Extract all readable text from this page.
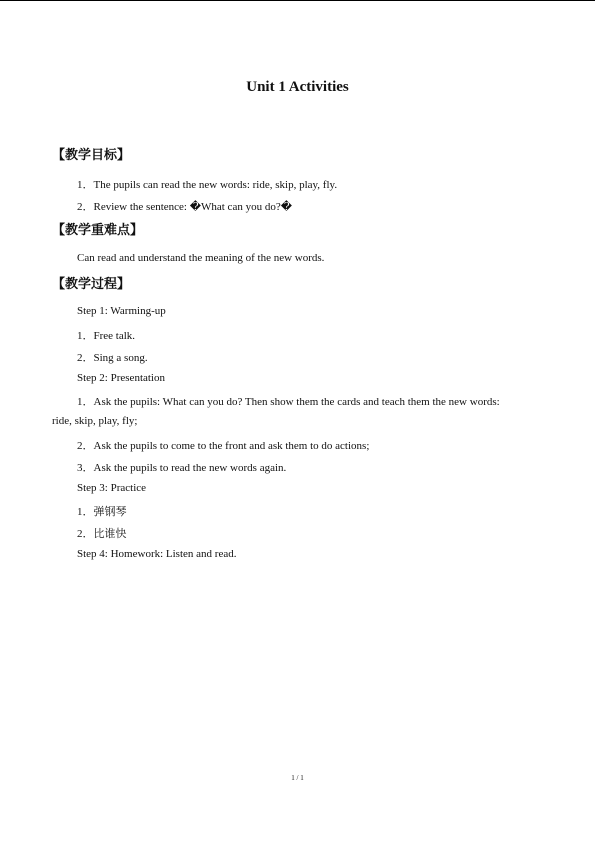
Unit 1 Activities
【教学目标】
1．The pupils can read the new words: ride, skip, play, fly.
2．Review the sentence: �What can you do?�
【教学重难点】
Can read and understand the meaning of the new words.
【教学过程】
Step 1: Warming-up
1．Free talk.
2．Sing a song.
Step 2: Presentation
1．Ask the pupils: What can you do? Then show them the cards and teach them the new words:
ride, skip, play, fly;
2．Ask the pupils to come to the front and ask them to do actions;
3．Ask the pupils to read the new words again.
Step 3: Practice
1．弹钢琴
2．比谁快
Step 4: Homework: Listen and read.
1 / 1
